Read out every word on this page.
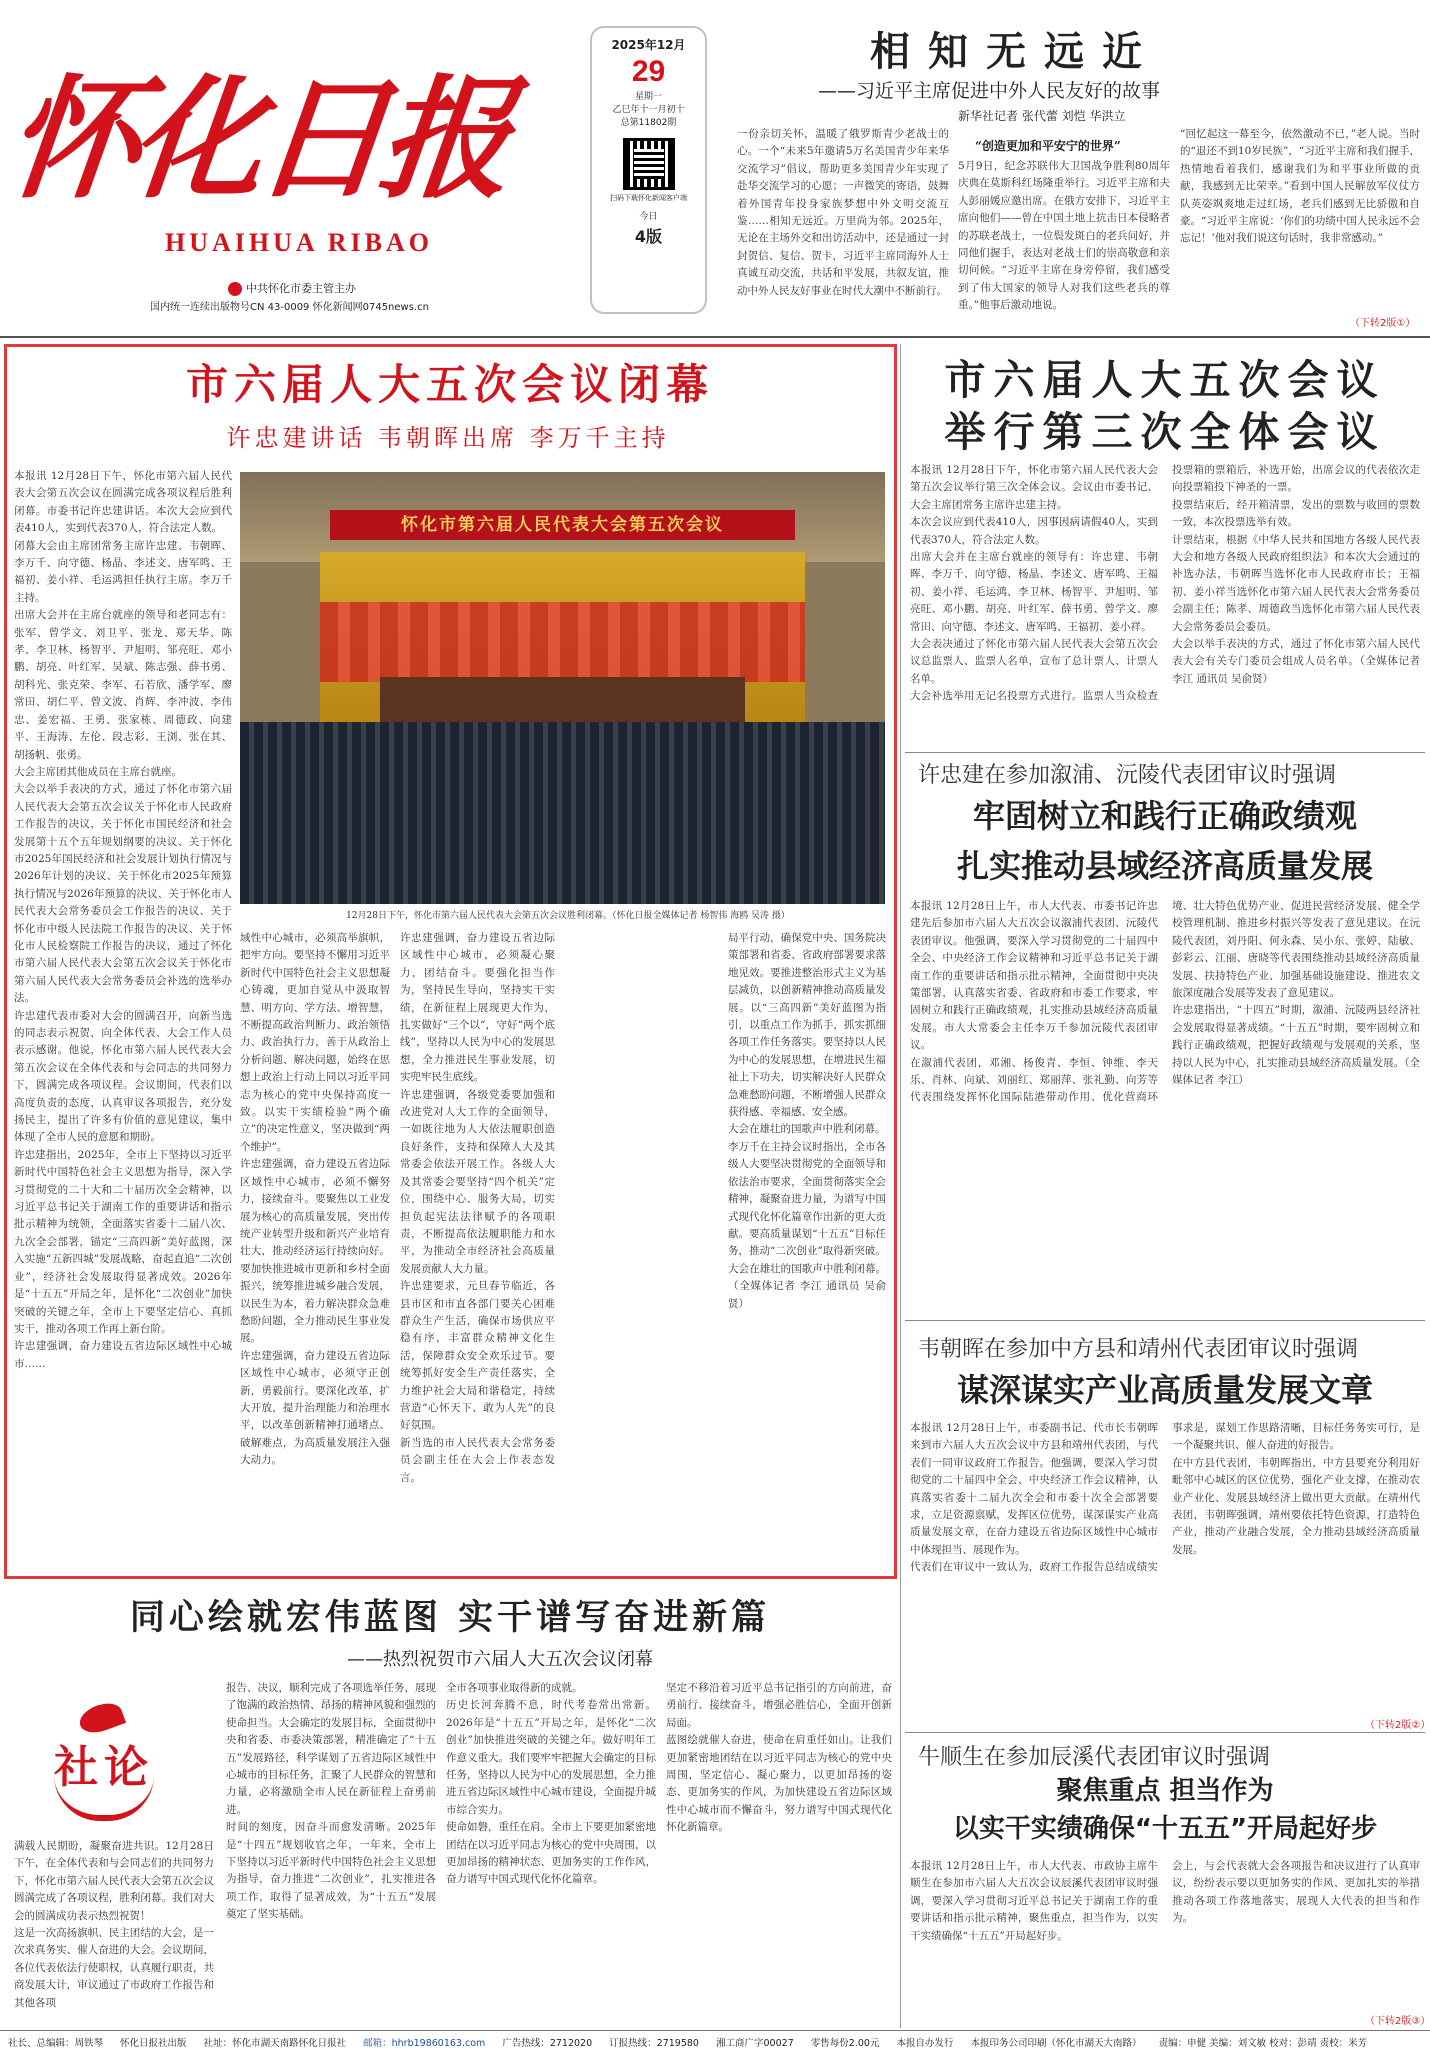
怀化日报
HUAIHUA RIBAO
中共怀化市委主管主办
国内统一连续出版物号CN 43-0009 怀化新闻网0745news.cn
2025年12月
29
星期一
乙巳年十一月初十
总第11802期
扫码下载怀化新闻客户端
今日
4版
相知无远近
——习近平主席促进中外人民友好的故事
新华社记者 张代蕾 刘恺 华洪立
一份亲切关怀，温暖了俄罗斯青少老战士的心。一个“未来5年邀请5万名美国青少年来华交流学习”倡议，帮助更多美国青少年实现了赴华交流学习的心愿；一声微笑的寄语，鼓舞着外国青年投身家族梦想中外文明交流互鉴……相知无远近。万里尚为邻。2025年，无论在主场外交和出访活动中，还是通过一封封贺信、复信、贺卡，习近平主席同海外人士真诚互动交流，共话和平发展，共叙友谊，推动中外人民友好事业在时代大潮中不断前行。
“创造更加和平安宁的世界”
5月9日，纪念苏联伟大卫国战争胜利80周年庆典在莫斯科红场隆重举行。习近平主席和夫人彭丽媛应邀出席。在俄方安排下，习近平主席向他们——曾在中国土地上抗击日本侵略者的苏联老战士，一位鬓发斑白的老兵问好，并同他们握手，表达对老战士们的崇高敬意和亲切问候。“习近平主席在身旁停留，我们感受到了伟大国家的领导人对我们这些老兵的尊重。”他事后激动地说。
“回忆起这一幕至今，依然激动不已，”老人说。当时的“退还不到10岁民族”，“习近平主席和我们握手，热情地看着我们，感谢我们为和平事业所做的贡献，我感到无比荣幸。”看到中国人民解放军仪仗方队英姿飒爽地走过红场，老兵们感到无比骄傲和自豪。“习近平主席说：‘你们的功绩中国人民永远不会忘记！’他对我们说这句话时，我非常感动。”
（下转2版①）
市六届人大五次会议闭幕
许忠建讲话 韦朝晖出席 李万千主持
本报讯 12月28日下午，怀化市第六届人民代表大会第五次会议在圆满完成各项议程后胜利闭幕。市委书记许忠建讲话。本次大会应到代表410人，实到代表370人，符合法定人数。
闭幕大会由主席团常务主席许忠建、韦朝晖、李万千、向守德、杨晶、李述文、唐军鸣、王福初、姜小祥、毛运鸿担任执行主席。李万千主持。
出席大会并在主席台就座的领导和老同志有：张军、曾学文、刘卫平、张龙、郑天华、陈孝、李卫林、杨智平、尹旭明、邹亮旺、邓小鹏、胡亮、叶红军、吴斌、陈志强、薛书勇、胡科光、张克荣、李军、石若欣、潘学军、廖常田、胡仁平、曾文波、肖辉、李冲波、李伟忠、姜宏福、王勇、张家栋、周德政、向建平、王海涛、左伦、段志彩、王浏、张在其、胡扬帆、张勇。
大会主席团其他成员在主席台就座。
大会以举手表决的方式，通过了怀化市第六届人民代表大会第五次会议关于怀化市人民政府工作报告的决议，关于怀化市国民经济和社会发展第十五个五年规划纲要的决议、关于怀化市2025年国民经济和社会发展计划执行情况与2026年计划的决议、关于怀化市2025年预算执行情况与2026年预算的决议、关于怀化市人民代表大会常务委员会工作报告的决议、关于怀化市中级人民法院工作报告的决议、关于怀化市人民检察院工作报告的决议，通过了怀化市第六届人民代表大会第五次会议关于怀化市第六届人民代表大会常务委员会补选的选举办法。
许忠建代表市委对大会的圆满召开，向新当选的同志表示祝贺，向全体代表、大会工作人员表示感谢。他说，怀化市第六届人民代表大会第五次会议在全体代表和与会同志的共同努力下，圆满完成各项议程。会议期间，代表们以高度负责的态度，认真审议各项报告，充分发扬民主，提出了许多有价值的意见建议，集中体现了全市人民的意愿和期盼。
许忠建指出，2025年，全市上下坚持以习近平新时代中国特色社会主义思想为指导，深入学习贯彻党的二十大和二十届历次全会精神，以习近平总书记关于湖南工作的重要讲话和指示批示精神为统领，全面落实省委十二届八次、九次全会部署，锚定“三高四新”美好蓝图，深入实施“五新四城”发展战略，奋起直追“二次创业”，经济社会发展取得显著成效。2026年是“十五五”开局之年，是怀化“二次创业”加快突破的关键之年，全市上下要坚定信心、真抓实干，推动各项工作再上新台阶。
许忠建强调，奋力建设五省边际区域性中心城市……
怀化市第六届人民代表大会第五次会议
12月28日下午，怀化市第六届人民代表大会第五次会议胜利闭幕。（怀化日报全媒体记者 杨智伟 海鸥 吴涛 摄）
域性中心城市，必须高举旗帜，把牢方向。要坚持不懈用习近平新时代中国特色社会主义思想凝心铸魂，更加自觉从中汲取智慧、明方向、学方法、增智慧，不断提高政治判断力、政治领悟力、政治执行力，善于从政治上分析问题、解决问题，始终在思想上政治上行动上同以习近平同志为核心的党中央保持高度一致。以实干实绩检验“两个确立”的决定性意义，坚决做到“两个维护”。
许忠建强调，奋力建设五省边际区域性中心城市，必须不懈努力，接续奋斗。要聚焦以工业发展为核心的高质量发展，突出传统产业转型升级和新兴产业培育壮大，推动经济运行持续向好。要加快推进城市更新和乡村全面振兴，统筹推进城乡融合发展，以民生为本，着力解决群众急难愁盼问题，全力推动民生事业发展。
许忠建强调，奋力建设五省边际区域性中心城市，必须守正创新，勇毅前行。要深化改革，扩大开放，提升治理能力和治理水平，以改革创新精神打通堵点、破解难点，为高质量发展注入强大动力。
许忠建强调，奋力建设五省边际区域性中心城市，必须凝心聚力，团结奋斗。要强化担当作为，坚持民生导向，坚持实干实绩，在新征程上展现更大作为，扎实做好“三个以”，守好“两个底线”，坚持以人民为中心的发展思想，全力推进民生事业发展，切实兜牢民生底线。
许忠建强调，各级党委要加强和改进党对人大工作的全面领导，一如既往地为人大依法履职创造良好条件，支持和保障人大及其常委会依法开展工作。各级人大及其常委会要坚持“四个机关”定位，围绕中心、服务大局，切实担负起宪法法律赋予的各项职责，不断提高依法履职能力和水平，为推动全市经济社会高质量发展贡献人大力量。
许忠建要求，元旦春节临近，各县市区和市直各部门要关心困难群众生产生活，确保市场供应平稳有序，丰富群众精神文化生活，保障群众安全欢乐过节。要统筹抓好安全生产责任落实，全力维护社会大局和谐稳定，持续营造“心怀天下、敢为人先”的良好氛围。
新当选的市人民代表大会常务委员会副主任在大会上作表态发言。
局平行动，确保党中央、国务院决策部署和省委、省政府部署要求落地见效。要推进整治形式主义为基层减负，以创新精神推动高质量发展。以“三高四新”美好蓝图为指引，以重点工作为抓手，抓实抓细各项工作任务落实。要坚持以人民为中心的发展思想，在增进民生福祉上下功夫，切实解决好人民群众急难愁盼问题，不断增强人民群众获得感、幸福感、安全感。
大会在雄壮的国歌声中胜利闭幕。
李万千在主持会议时指出，全市各级人大要坚决贯彻党的全面领导和依法治市要求，全面贯彻落实全会精神，凝聚奋进力量，为谱写中国式现代化怀化篇章作出新的更大贡献。要高质量谋划“十五五”目标任务，推动“二次创业”取得新突破。
大会在雄壮的国歌声中胜利闭幕。（全媒体记者 李江 通讯员 吴俞贤）
市六届人大五次会议
举行第三次全体会议
本报讯 12月28日下午，怀化市第六届人民代表大会第五次会议举行第三次全体会议。会议由市委书记、大会主席团常务主席许忠建主持。
本次会议应到代表410人，因事因病请假40人，实到代表370人，符合法定人数。
出席大会并在主席台就座的领导有：许忠建、韦朝晖、李万千、向守德、杨晶、李述文、唐军鸣、王福初、姜小祥、毛运鸿、李卫林、杨智平、尹旭明、邹亮旺、邓小鹏、胡亮、叶红军、薛书勇、曾学文、廖常田、向守德、李述文、唐军鸣、王福初、姜小祥。
大会表决通过了怀化市第六届人民代表大会第五次会议总监票人、监票人名单，宣布了总计票人、计票人名单。
大会补选举用无记名投票方式进行。监票人当众检查投票箱的票箱后，补选开始，出席会议的代表依次走向投票箱投下神圣的一票。
投票结束后，经开箱清票，发出的票数与收回的票数一致，本次投票选举有效。
计票结束，根据《中华人民共和国地方各级人民代表大会和地方各级人民政府组织法》和本次大会通过的补选办法，韦朝晖当选怀化市人民政府市长；王福初、姜小祥当选怀化市第六届人民代表大会常务委员会副主任；陈孝、周德政当选怀化市第六届人民代表大会常务委员会委员。
大会以举手表决的方式，通过了怀化市第六届人民代表大会有关专门委员会组成人员名单。（全媒体记者 李江 通讯员 吴俞贤）
许忠建在参加溆浦、沅陵代表团审议时强调
牢固树立和践行正确政绩观
扎实推动县域经济高质量发展
本报讯 12月28日上午，市人大代表、市委书记许忠建先后参加市六届人大五次会议溆浦代表团、沅陵代表团审议。他强调，要深入学习贯彻党的二十届四中全会、中央经济工作会议精神和习近平总书记关于湖南工作的重要讲话和指示批示精神，全面贯彻中央决策部署，认真落实省委、省政府和市委工作要求，牢固树立和践行正确政绩观，扎实推动县域经济高质量发展。市人大常委会主任李万千参加沅陵代表团审议。
在溆浦代表团，邓湘、杨俊青、李恒、钟维、李天乐、肖林、向斌、刘丽红、郑丽萍、张礼勤、向芳等代表围绕发挥怀化国际陆港带动作用、优化营商环境、壮大特色优势产业、促进民营经济发展、健全学校管理机制、推进乡村振兴等发表了意见建议。在沅陵代表团，刘丹阳、何永森、吴小东、张婷、陆敏、彭彩云、江丽、唐晓等代表围绕推动县域经济高质量发展、扶持特色产业、加强基础设施建设、推进农文旅深度融合发展等发表了意见建议。
许忠建指出，“十四五”时期，溆浦、沅陵两县经济社会发展取得显著成绩。“十五五”时期，要牢固树立和践行正确政绩观，把握好政绩观与发展观的关系，坚持以人民为中心，扎实推动县域经济高质量发展。（全媒体记者 李江）
韦朝晖在参加中方县和靖州代表团审议时强调
谋深谋实产业高质量发展文章
本报讯 12月28日上午，市委副书记、代市长韦朝晖来到市六届人大五次会议中方县和靖州代表团，与代表们一同审议政府工作报告。他强调，要深入学习贯彻党的二十届四中全会、中央经济工作会议精神，认真落实省委十二届九次全会和市委十次全会部署要求，立足资源禀赋，发挥区位优势，谋深谋实产业高质量发展文章，在奋力建设五省边际区域性中心城市中体现担当、展现作为。
代表们在审议中一致认为，政府工作报告总结成绩实事求是，谋划工作思路清晰，目标任务务实可行，是一个凝聚共识、催人奋进的好报告。
在中方县代表团，韦朝晖指出，中方县要充分利用好毗邻中心城区的区位优势，强化产业支撑，在推动农业产业化、发展县域经济上做出更大贡献。在靖州代表团，韦朝晖强调，靖州要依托特色资源，打造特色产业，推动产业融合发展，全力推动县域经济高质量发展。
（下转2版②）
牛顺生在参加辰溪代表团审议时强调
聚焦重点 担当作为
以实干实绩确保“十五五”开局起好步
本报讯 12月28日上午，市人大代表、市政协主席牛顺生在参加市六届人大五次会议辰溪代表团审议时强调，要深入学习贯彻习近平总书记关于湖南工作的重要讲话和指示批示精神，聚焦重点，担当作为，以实干实绩确保“十五五”开局起好步。
会上，与会代表就大会各项报告和决议进行了认真审议，纷纷表示要以更加务实的作风、更加扎实的举措推动各项工作落地落实，展现人大代表的担当和作为。
（下转2版③）
同心绘就宏伟蓝图 实干谱写奋进新篇
——热烈祝贺市六届人大五次会议闭幕
社论
满载人民期盼，凝聚奋进共识。12月28日下午，在全体代表和与会同志们的共同努力下，怀化市第六届人民代表大会第五次会议圆满完成了各项议程，胜利闭幕。我们对大会的圆满成功表示热烈祝贺！
这是一次高扬旗帜、民主团结的大会，是一次求真务实、催人奋进的大会。会议期间，各位代表依法行使职权，认真履行职责，共商发展大计，审议通过了市政府工作报告和其他各项
报告、决议，顺利完成了各项选举任务，展现了饱满的政治热情、昂扬的精神风貌和强烈的使命担当。大会确定的发展目标，全面贯彻中央和省委、市委决策部署，精准确定了“十五五”发展路径，科学谋划了五省边际区域性中心城市的目标任务，汇聚了人民群众的智慧和力量，必将激励全市人民在新征程上奋勇前进。
时间的刻度，因奋斗而愈发清晰。2025年是“十四五”规划收官之年，一年来，全市上下坚持以习近平新时代中国特色社会主义思想为指导，奋力推进“二次创业”，扎实推进各项工作，取得了显著成效，为“十五五”发展奠定了坚实基础。
全市各项事业取得新的成就。
历史长河奔腾不息，时代考卷常出常新。2026年是“十五五”开局之年，是怀化“二次创业”加快推进突破的关键之年。做好明年工作意义重大。我们要牢牢把握大会确定的目标任务，坚持以人民为中心的发展思想，全力推进五省边际区域性中心城市建设，全面提升城市综合实力。
使命如磐，重任在肩。全市上下要更加紧密地团结在以习近平同志为核心的党中央周围，以更加昂扬的精神状态、更加务实的工作作风，奋力谱写中国式现代化怀化篇章。
坚定不移沿着习近平总书记指引的方向前进，奋勇前行、接续奋斗，增强必胜信心，全面开创新局面。
蓝图绘就催人奋进，使命在肩重任如山。让我们更加紧密地团结在以习近平同志为核心的党中央周围，坚定信心、凝心聚力，以更加昂扬的姿态、更加务实的作风，为加快建设五省边际区域性中心城市而不懈奋斗，努力谱写中国式现代化怀化新篇章。
社长、总编辑：周铁琴 怀化日报社出版 社址：怀化市湖天南路怀化日报社 邮箱：hhrb19860163.com 广告热线：2712020 订报热线：2719580 湘工商广字00027 零售每份2.00元 本报自办发行 本报印务公司印刷（怀化市湖天大南路） 责编：申健 美编：刘文敏 校对：彭靖 责校：米芳
